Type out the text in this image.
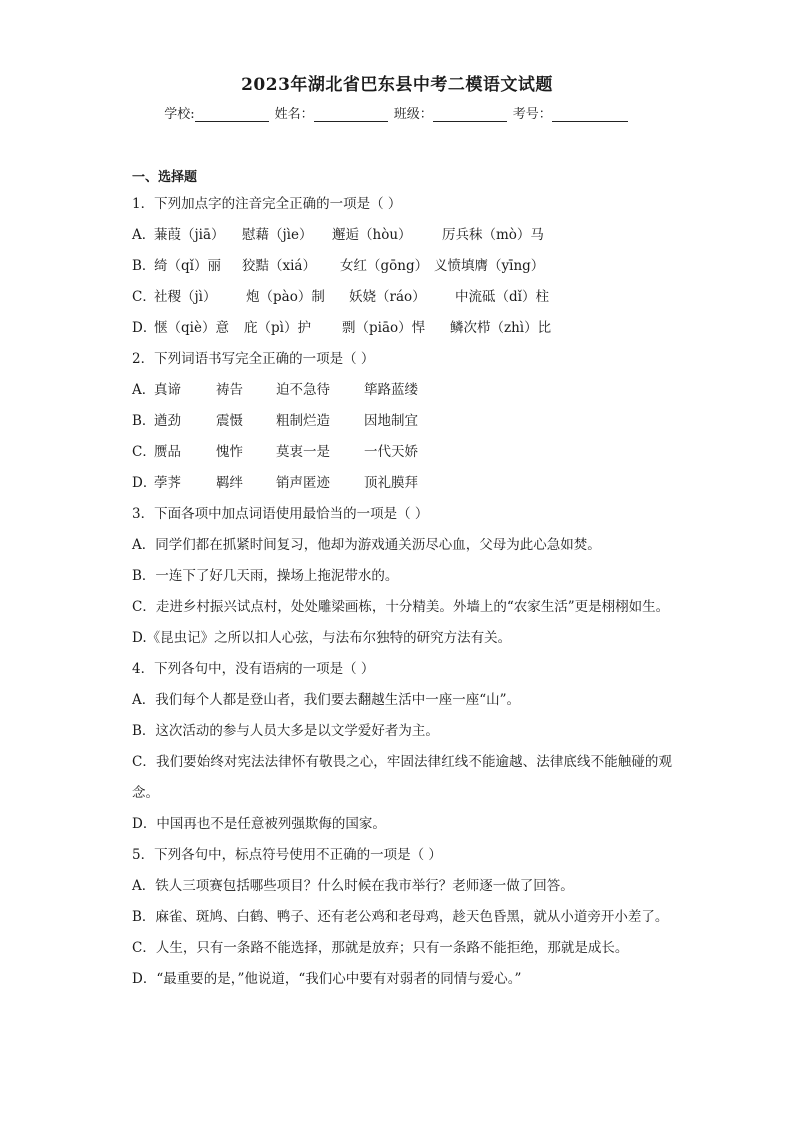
2023年湖北省巴东县中考二模语文试题
学校:	姓名：	班级：	考号：
一、选择题
1．下列加点字的注音完全正确的一项是（ ）
A．
蒹葭（jiā）	慰藉（jìe）	邂逅（hòu）	厉兵秣（mò）马
B．
绮（qǐ）丽	狡黠（xiá）	女红（gōng） 义愤填膺（yīng）
C．
社稷（jì）	炮（pào）制	妖娆（ráo）	中流砥（dǐ）柱
D．
惬（qiè）意	庇（pì）护	剽（piāo）悍	鳞次栉（zhì）比
2．下列词语书写完全正确的一项是（ ）
A．
真谛	祷告	迫不急待	筚路蓝缕
B．
遒劲	震慑	粗制烂造	因地制宜
C．
赝品	愧怍	莫衷一是	一代天娇
D．
荸荠	羁绊	销声匿迹	顶礼膜拜
3．下面各项中加点词语使用最恰当的一项是（ ）
A．同学们都在抓紧时间复习，他却为游戏通关沥尽心血，父母为此心急如焚。
B．一连下了好几天雨，操场上拖泥带水的。
C．走进乡村振兴试点村，处处雕梁画栋，十分精美。外墙上的“农家生活”更是栩栩如生。
D.《昆虫记》之所以扣人心弦，与法布尔独特的研究方法有关。
4．下列各句中，没有语病的一项是（ ）
A．我们每个人都是登山者，我们要去翻越生活中一座一座“山”。
B．这次活动的参与人员大多是以文学爱好者为主。
C．我们要始终对宪法法律怀有敬畏之心，牢固法律红线不能逾越、法律底线不能触碰的观念。
D．中国再也不是任意被列强欺侮的国家。
5．下列各句中，标点符号使用不正确的一项是（ ）
A．铁人三项赛包括哪些项目？什么时候在我市举行？老师逐一做了回答。
B．麻雀、斑鸠、白鹤、鸭子、还有老公鸡和老母鸡，趁天色昏黑，就从小道旁开小差了。
C．人生，只有一条路不能选择，那就是放弃；只有一条路不能拒绝，那就是成长。
D．“最重要的是，”他说道，“我们心中要有对弱者的同情与爱心。”
